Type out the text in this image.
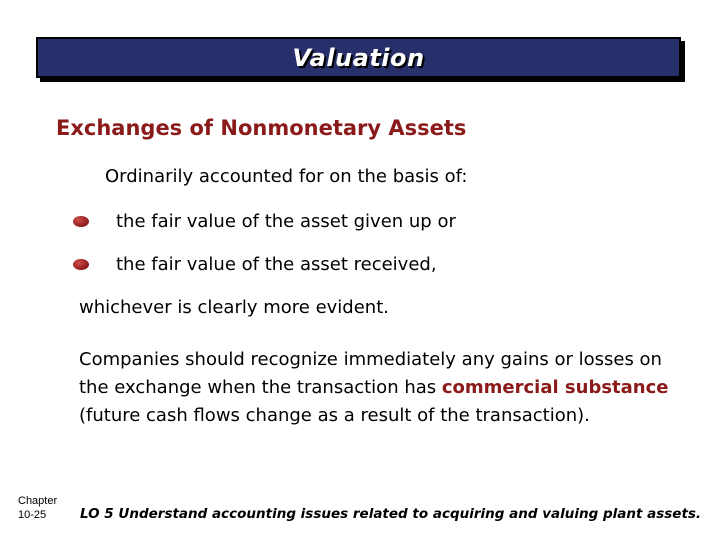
Valuation
Exchanges of Nonmonetary Assets
Ordinarily accounted for on the basis of:
the fair value of the asset given up or
the fair value of the asset received,
whichever is clearly more evident.
Companies should recognize immediately any gains or losses on the exchange when the transaction has commercial substance (future cash flows change as a result of the transaction).
Chapter
10-25	LO 5 Understand accounting issues related to acquiring and valuing plant assets.
